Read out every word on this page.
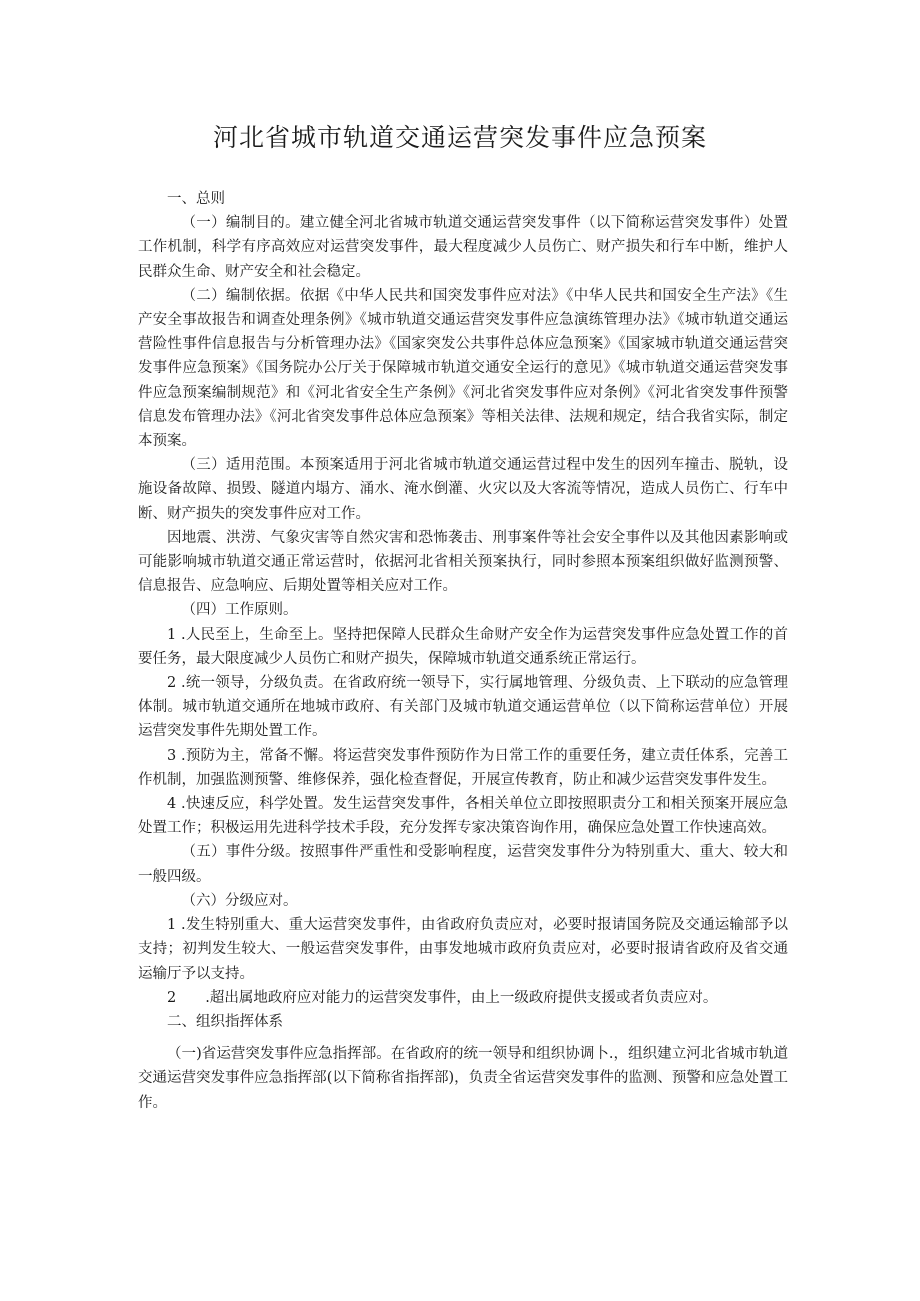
河北省城市轨道交通运营突发事件应急预案

一、总则

（一）编制目的。建立健全河北省城市轨道交通运营突发事件（以下简称运营突发事件）处置工作机制，科学有序高效应对运营突发事件，最大程度减少人员伤亡、财产损失和行车中断，维护人民群众生命、财产安全和社会稳定。

（二）编制依据。依据《中华人民共和国突发事件应对法》《中华人民共和国安全生产法》《生产安全事故报告和调查处理条例》《城市轨道交通运营突发事件应急演练管理办法》《城市轨道交通运营险性事件信息报告与分析管理办法》《国家突发公共事件总体应急预案》《国家城市轨道交通运营突发事件应急预案》《国务院办公厅关于保障城市轨道交通安全运行的意见》《城市轨道交通运营突发事件应急预案编制规范》和《河北省安全生产条例》《河北省突发事件应对条例》《河北省突发事件预警信息发布管理办法》《河北省突发事件总体应急预案》等相关法律、法规和规定，结合我省实际，制定本预案。

（三）适用范围。本预案适用于河北省城市轨道交通运营过程中发生的因列车撞击、脱轨，设施设备故障、损毁、隧道内塌方、涌水、淹水倒灌、火灾以及大客流等情况，造成人员伤亡、行车中断、财产损失的突发事件应对工作。

因地震、洪涝、气象灾害等自然灾害和恐怖袭击、刑事案件等社会安全事件以及其他因素影响或可能影响城市轨道交通正常运营时，依据河北省相关预案执行，同时参照本预案组织做好监测预警、信息报告、应急响应、后期处置等相关应对工作。

（四）工作原则。

1 .人民至上，生命至上。坚持把保障人民群众生命财产安全作为运营突发事件应急处置工作的首要任务，最大限度减少人员伤亡和财产损失，保障城市轨道交通系统正常运行。

2 .统一领导，分级负责。在省政府统一领导下，实行属地管理、分级负责、上下联动的应急管理体制。城市轨道交通所在地城市政府、有关部门及城市轨道交通运营单位（以下简称运营单位）开展运营突发事件先期处置工作。

3 .预防为主，常备不懈。将运营突发事件预防作为日常工作的重要任务，建立责任体系，完善工作机制，加强监测预警、维修保养，强化检查督促，开展宣传教育，防止和减少运营突发事件发生。

4 .快速反应，科学处置。发生运营突发事件，各相关单位立即按照职责分工和相关预案开展应急处置工作；积极运用先进科学技术手段，充分发挥专家决策咨询作用，确保应急处置工作快速高效。

（五）事件分级。按照事件严重性和受影响程度，运营突发事件分为特别重大、重大、较大和一般四级。

（六）分级应对。

1 .发生特别重大、重大运营突发事件，由省政府负责应对，必要时报请国务院及交通运输部予以支持；初判发生较大、一般运营突发事件，由事发地城市政府负责应对，必要时报请省政府及省交通运输厅予以支持。

2　　.超出属地政府应对能力的运营突发事件，由上一级政府提供支援或者负责应对。

二、组织指挥体系

（一)省运营突发事件应急指挥部。在省政府的统一领导和组织协调卜.，组织建立河北省城市轨道交通运营突发事件应急指挥部(以下简称省指挥部)，负责全省运营突发事件的监测、预警和应急处置工作。
